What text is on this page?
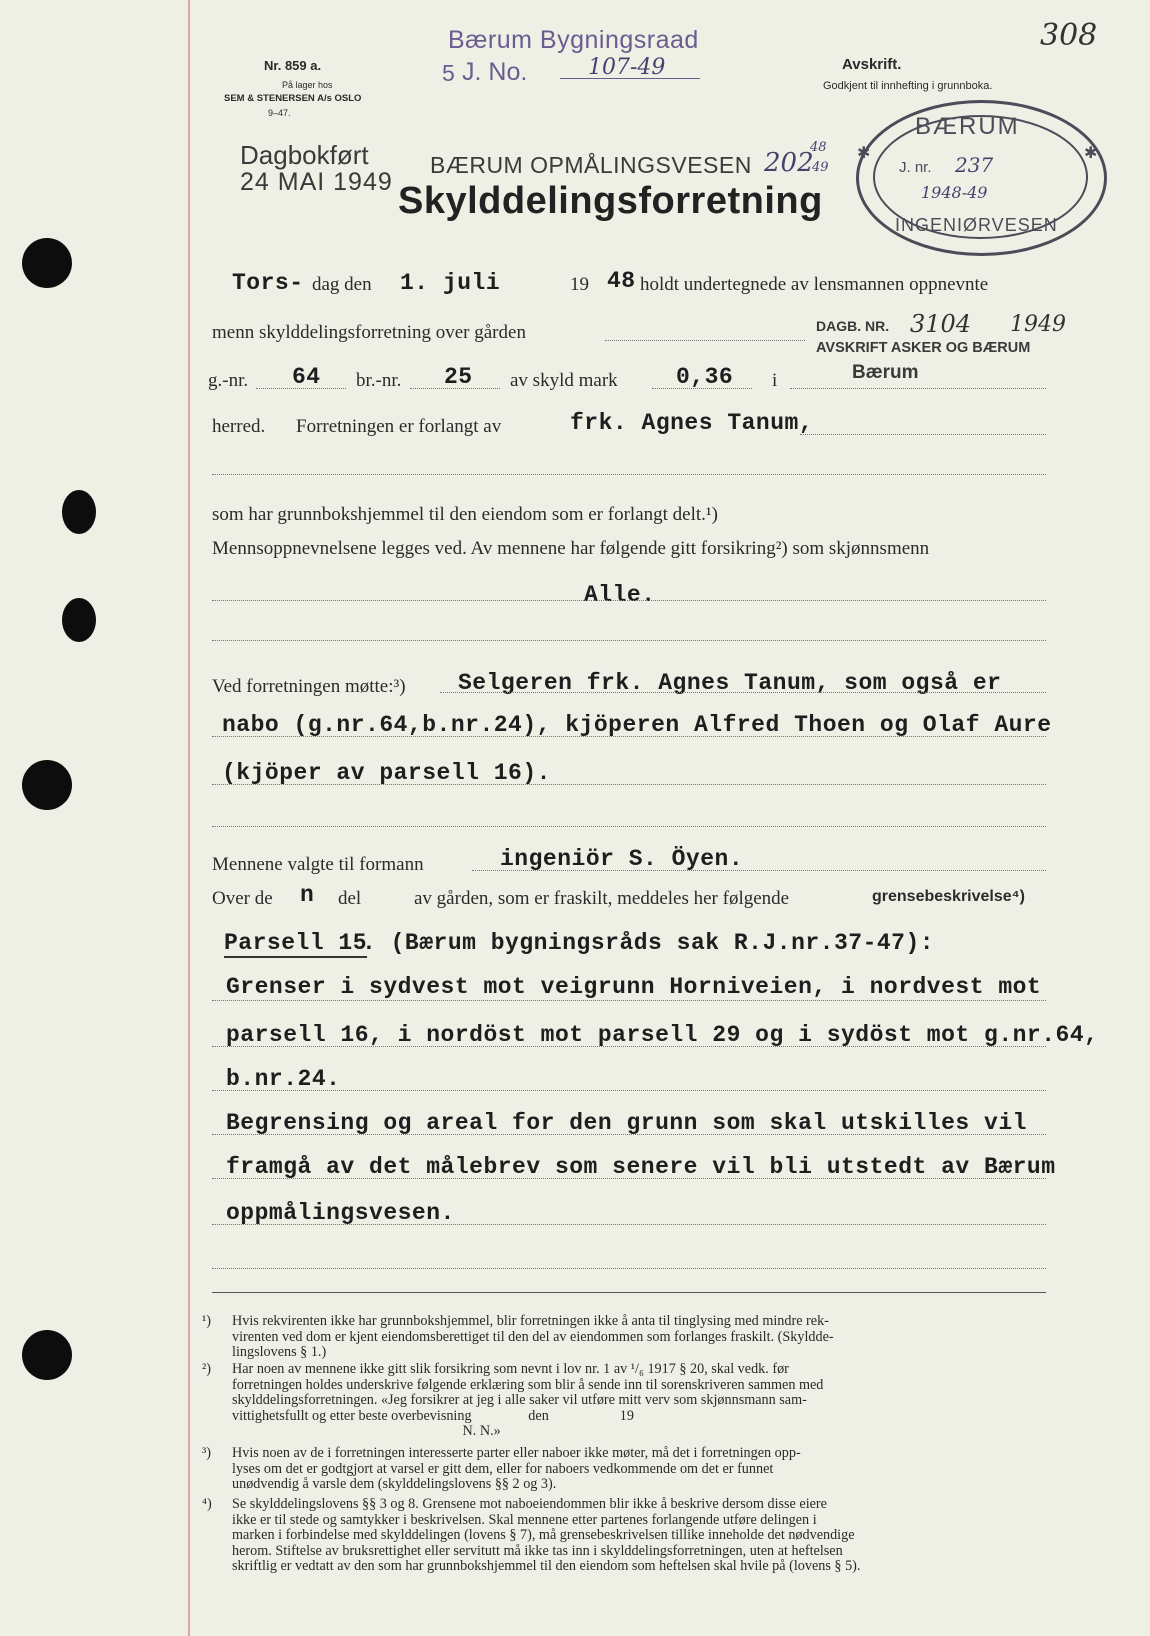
Nr. 859 a.
På lager hos
SEM & STENERSEN A/s OSLO
9–47.
Bærum Bygningsraad
5 J. No.	107-49	Avskrift.
Godkjent til innhefting i grunnboka.
308
Dagbokført
24 MAI 1949
BÆRUM OPMÅLINGSVESEN 202
48
49
Skylddelingsforretning
BÆRUM
✱	✱
J. nr. 237
1948-49
INGENIØRVESEN
Tors- dag den 1. juli	19 48 holdt undertegnede av lensmannen oppnevnte
menn skylddelingsforretning over gården	DAGB. NR. 3104 1949
AVSKRIFT ASKER OG BÆRUM
g.-nr. 64 br.-nr. 25 av skyld mark	0,36 i	Bærum
herred. Forretningen er forlangt av	frk. Agnes Tanum,
som har grunnbokshjemmel til den eiendom som er forlangt delt.¹)
Mennsoppnevnelsene legges ved. Av mennene har følgende gitt forsikring²) som skjønnsmenn
Alle.
Ved forretningen møtte:³) Selgeren frk. Agnes Tanum, som også er
nabo (g.nr.64,b.nr.24), kjöperen Alfred Thoen og Olaf Aure
(kjöper av parsell 16).
Mennene valgte til formann	ingeniör S. Öyen.
Over de n del	av gården, som er fraskilt, meddeles her følgende	grensebeskrivelse⁴)
Parsell 15
. (Bærum bygningsråds sak R.J.nr.37-47):
Grenser i sydvest mot veigrunn Horniveien, i nordvest mot
parsell 16, i nordöst mot parsell 29 og i sydöst mot g.nr.64,
b.nr.24.
Begrensing og areal for den grunn som skal utskilles vil
framgå av det målebrev som senere vil bli utstedt av Bærum
oppmålingsvesen.
¹) Hvis rekvirenten ikke har grunnbokshjemmel, blir forretningen ikke å anta til tinglysing med mindre rek-
virenten ved dom er kjent eiendomsberettiget til den del av eiendommen som forlanges fraskilt. (Skyldde-
lingslovens § 1.)
²) Har noen av mennene ikke gitt slik forsikring som nevnt i lov nr. 1 av ¹/₆ 1917 § 20, skal vedk. før
forretningen holdes underskrive følgende erklæring som blir å sende inn til sorenskriveren sammen med
skylddelingsforretningen. «Jeg forsikrer at jeg i alle saker vil utføre mitt verv som skjønnsmann sam-
vittighetsfullt og etter beste overbevisning                den                    19
N. N.»
³) Hvis noen av de i forretningen interesserte parter eller naboer ikke møter, må det i forretningen opp-
lyses om det er godtgjort at varsel er gitt dem, eller for naboers vedkommende om det er funnet
unødvendig å varsle dem (skylddelingslovens §§ 2 og 3).
⁴) Se skylddelingslovens §§ 3 og 8. Grensene mot naboeiendommen blir ikke å beskrive dersom disse eiere
ikke er til stede og samtykker i beskrivelsen. Skal mennene etter partenes forlangende utføre delingen i
marken i forbindelse med skylddelingen (lovens § 7), må grensebeskrivelsen tillike inneholde det nødvendige
herom. Stiftelse av bruksrettighet eller servitutt må ikke tas inn i skylddelingsforretningen, uten at heftelsen
skriftlig er vedtatt av den som har grunnbokshjemmel til den eiendom som heftelsen skal hvile på (lovens § 5).
